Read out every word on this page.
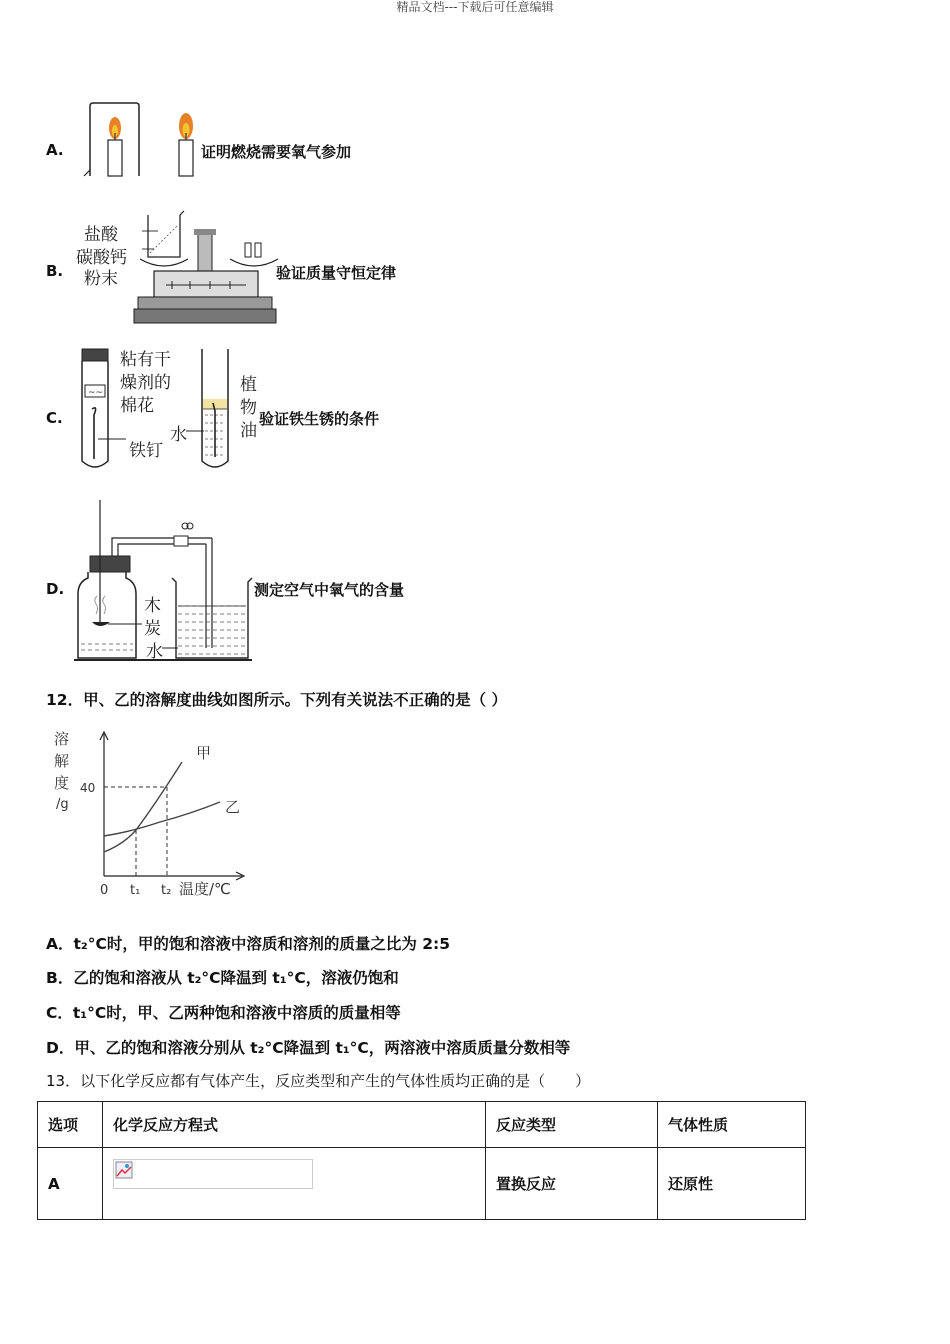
精品文档---下载后可任意编辑
A.	证明燃烧需要氧气参加
B.
盐酸
碳酸钙
粉末	验证质量守恒定律
C.
~~
粘有干
燥剂的
棉花
铁钉
植
物
油
水
验证铁生锈的条件
D.
木
炭
水
测定空气中氧气的含量
12．甲、乙的溶解度曲线如图所示。下列有关说法不正确的是（ ）
溶
解
度
/g
40
0 t₁ t₂ 温度/℃
甲
乙
A．t₂°C时，甲的饱和溶液中溶质和溶剂的质量之比为 2:5
B．乙的饱和溶液从 t₂°C降温到 t₁°C，溶液仍饱和
C．t₁°C时，甲、乙两种饱和溶液中溶质的质量相等
D．甲、乙的饱和溶液分别从 t₂°C降温到 t₁°C，两溶液中溶质质量分数相等
13．以下化学反应都有气体产生，反应类型和产生的气体性质均正确的是（　　）
选项	化学反应方程式	反应类型	气体性质
A		置换反应	还原性
